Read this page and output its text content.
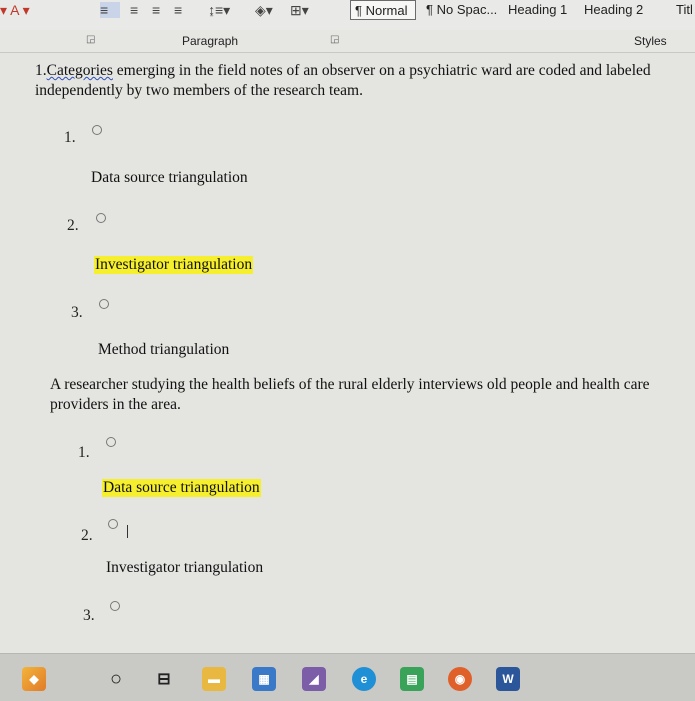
▾ A ▾	≡	≡ ≡ ≡ ↨≡▾ ◈▾ ⊞▾	¶ Normal	¶ No Spac... Heading 1	Heading 2	Titl
◲	Paragraph	◲	Styles
1.Categories emerging in the field notes of an observer on a psychiatric ward are coded and labeled independently by two members of the research team.
1.
Data source triangulation
2.
Investigator triangulation
3.
Method triangulation
A researcher studying the health beliefs of the rural elderly interviews old people and health care providers in the area.
1.
Data source triangulation
2.
Investigator triangulation
3.
◆	○	⊟	▬	▦	◢	e	▤	◉	W
